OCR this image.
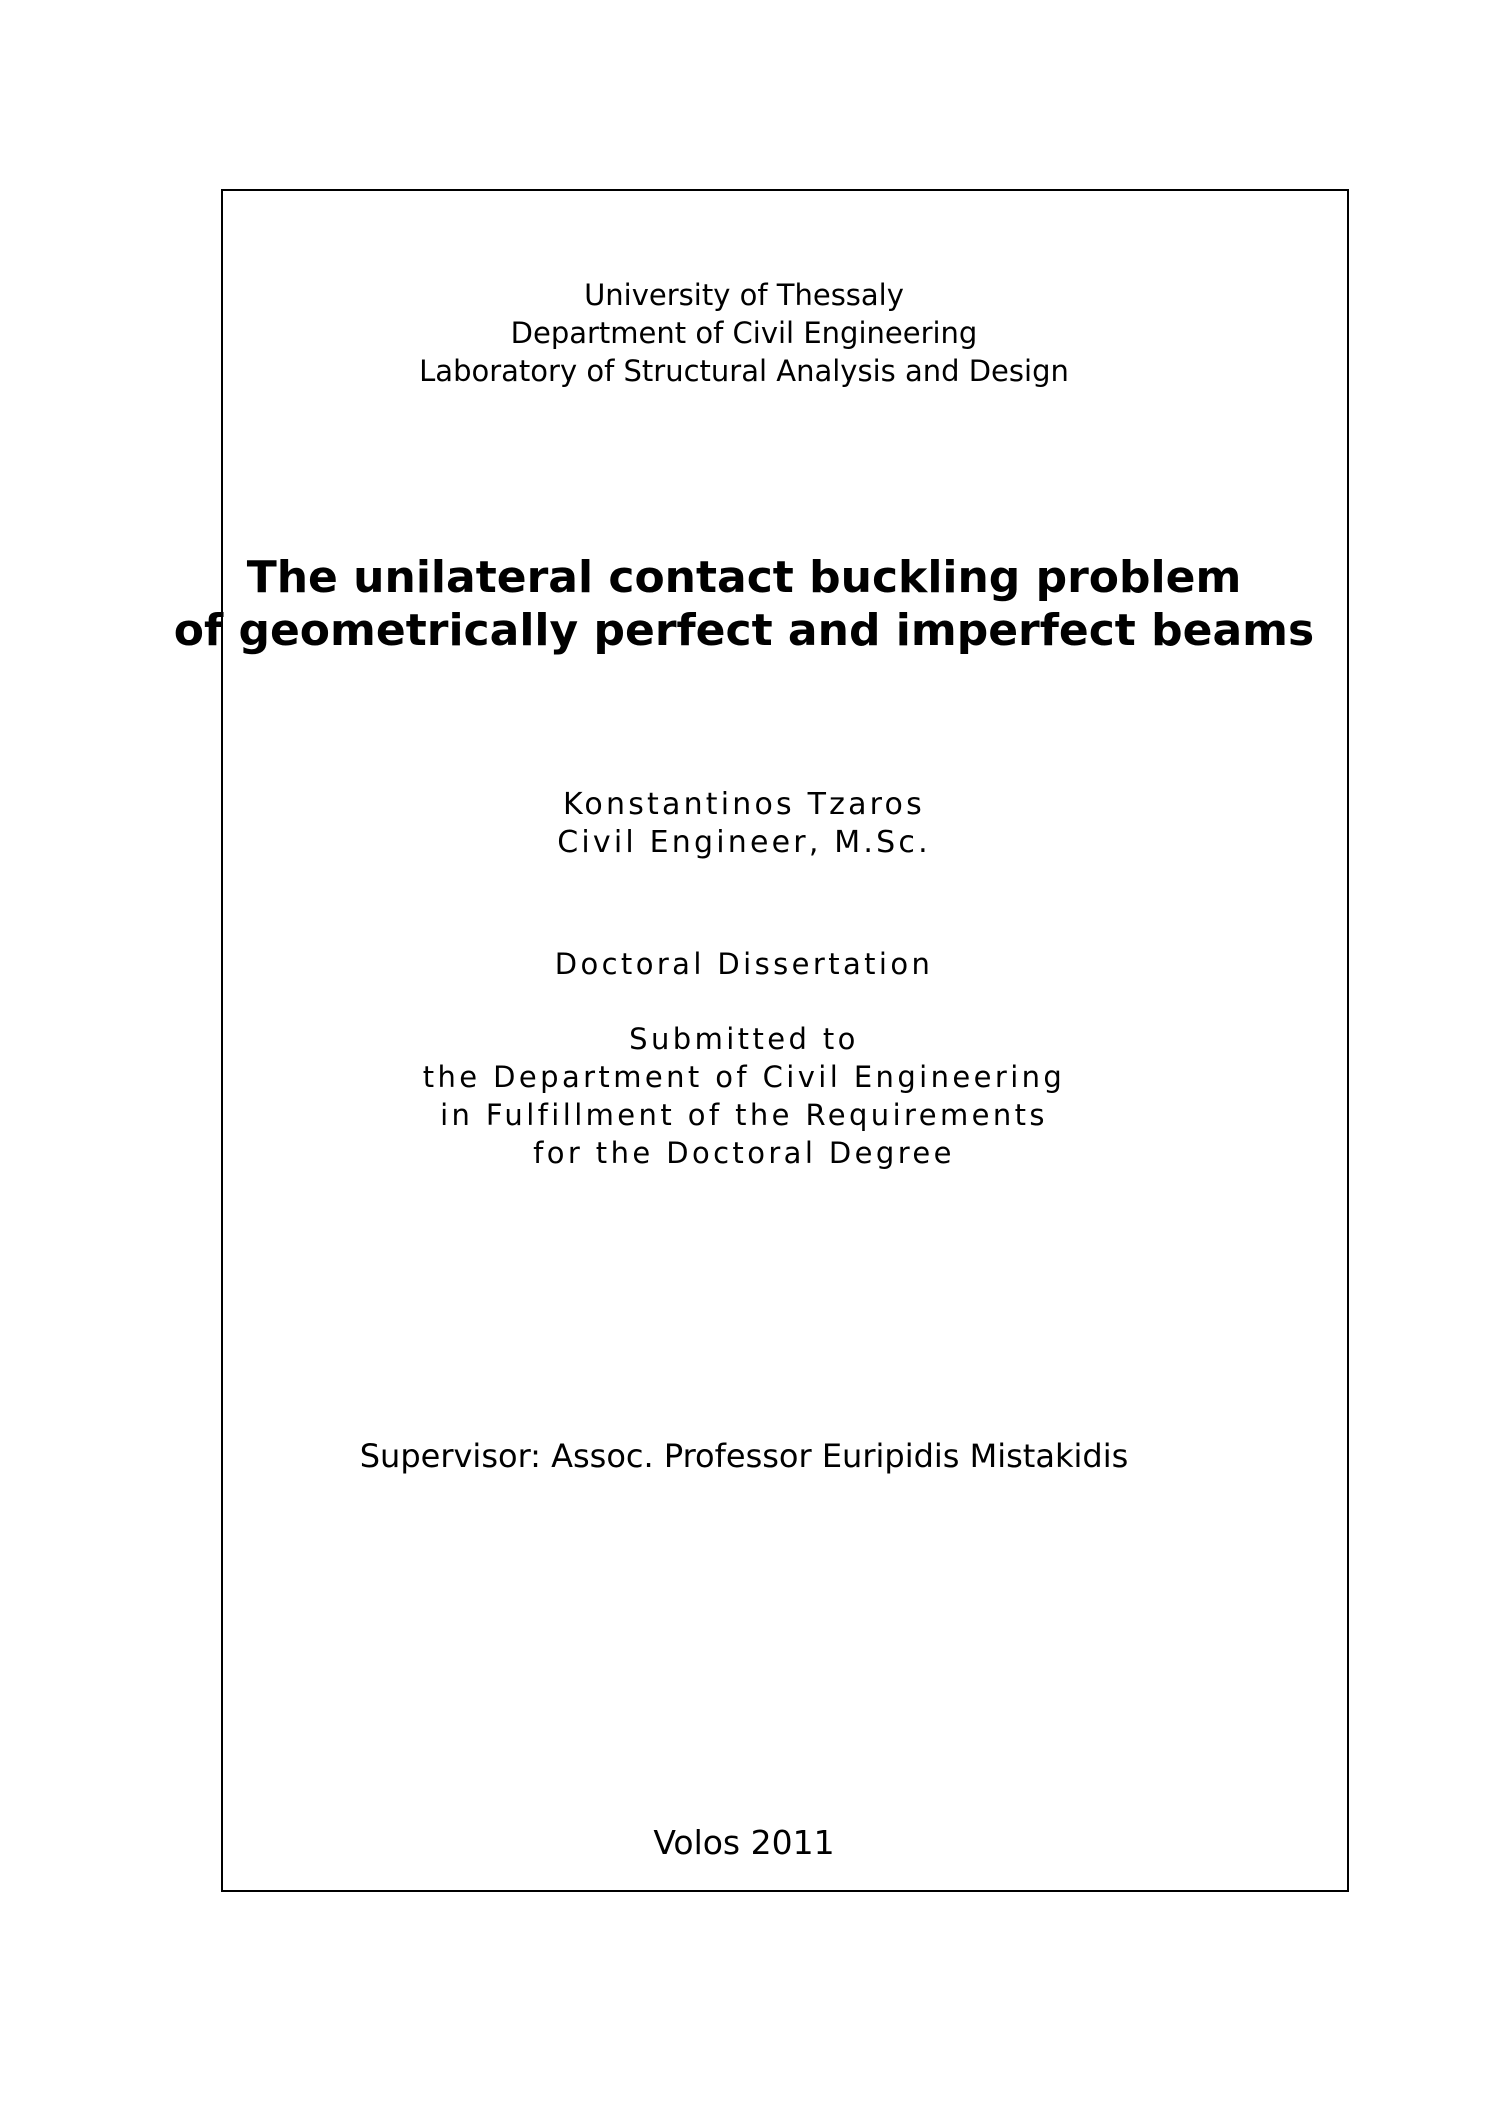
University of Thessaly
Department of Civil Engineering
Laboratory of Structural Analysis and Design
The unilateral contact buckling problem
of geometrically perfect and imperfect beams
Konstantinos Tzaros
Civil Engineer, M.Sc.
Doctoral Dissertation
Submitted to
the Department of Civil Engineering
in Fulfillment of the Requirements
for the Doctoral Degree
Supervisor: Assoc. Professor Euripidis Mistakidis
Volos 2011
